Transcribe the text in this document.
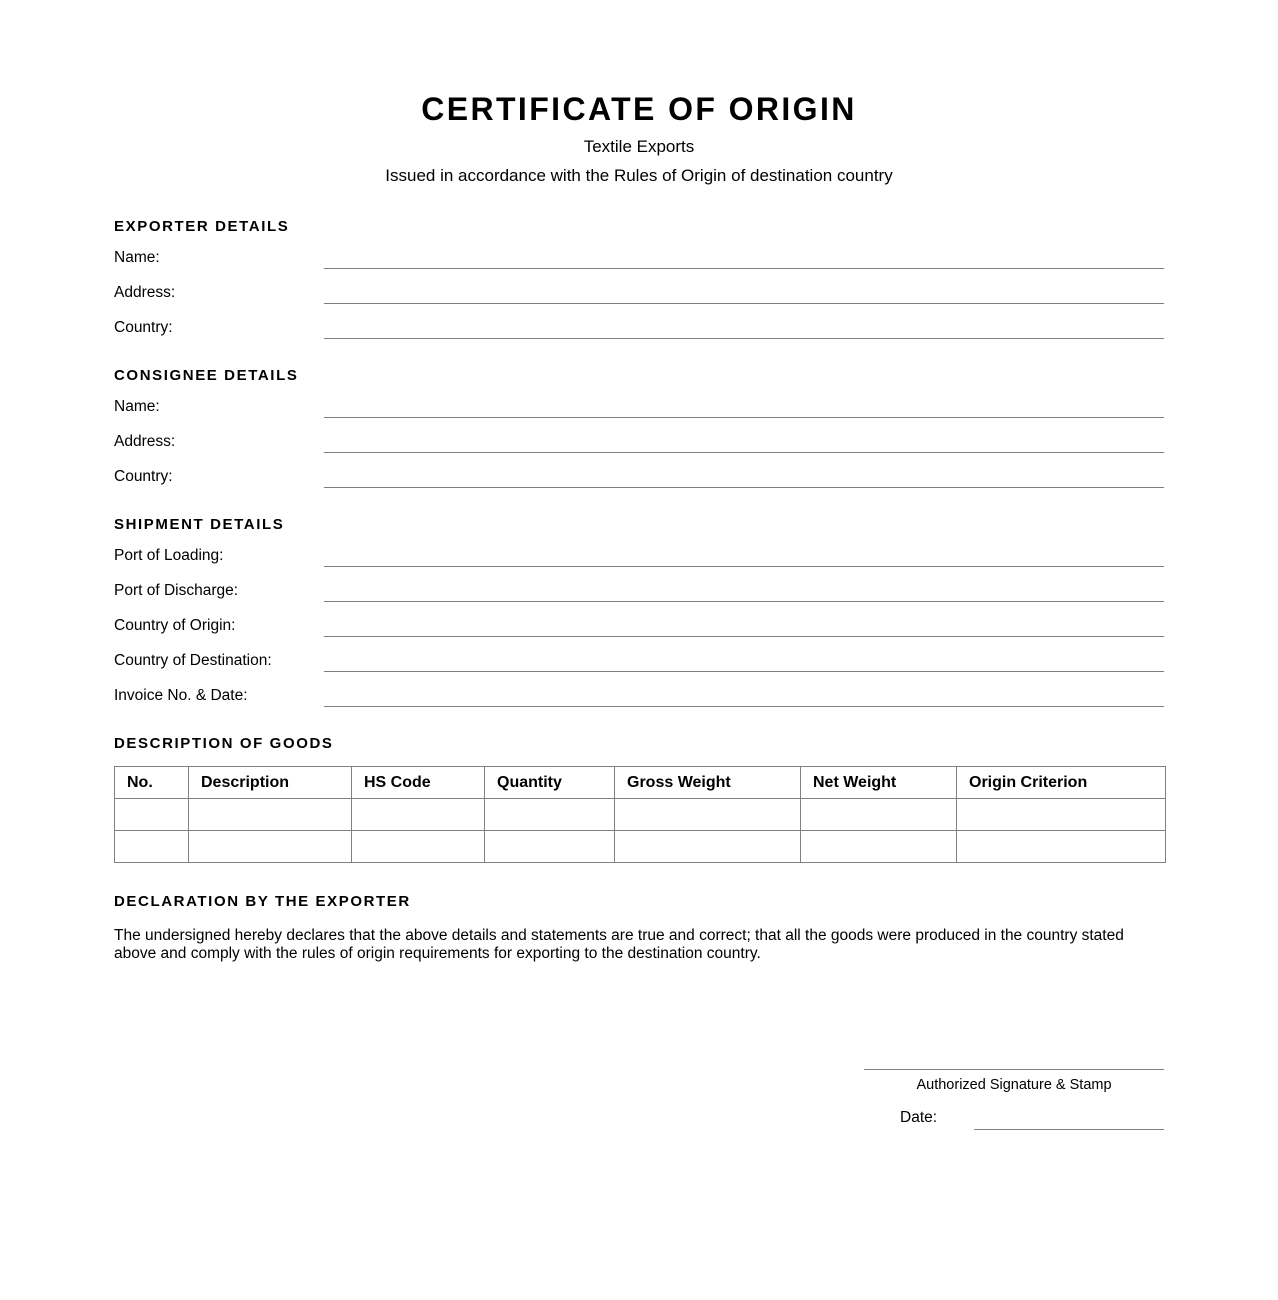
CERTIFICATE OF ORIGIN
Textile Exports
Issued in accordance with the Rules of Origin of destination country
EXPORTER DETAILS
Name:
Address:
Country:
CONSIGNEE DETAILS
Name:
Address:
Country:
SHIPMENT DETAILS
Port of Loading:
Port of Discharge:
Country of Origin:
Country of Destination:
Invoice No. & Date:
DESCRIPTION OF GOODS
No.	Description	HS Code	Quantity	Gross Weight	Net Weight	Origin Criterion

DECLARATION BY THE EXPORTER
The undersigned hereby declares that the above details and statements are true and correct; that all the goods were produced in the country stated above and comply with the rules of origin requirements for exporting to the destination country.
Authorized Signature & Stamp
Date:
